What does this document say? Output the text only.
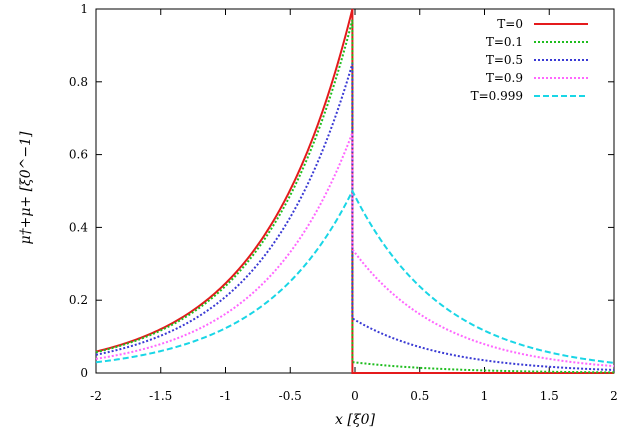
-2	-1.5	-1	-0.5	0	0.5	1	1.5	2
0
0.2
0.4
0.6
0.8
1
T=0
T=0.1
T=0.5
T=0.9
T=0.999
x [ξ0]
μ†+μ+ [ξ0^−1]
